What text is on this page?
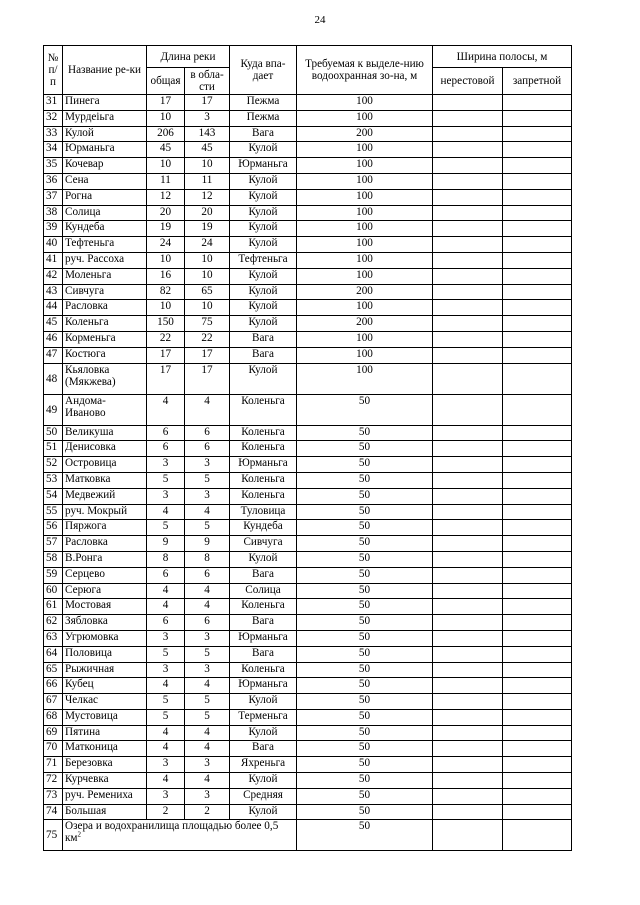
24
№ п/п	Название ре-ки	Длина реки		Куда впа-дает	Требуемая к выделе-нию водоохранная зо-на, м	Ширина полосы, м	
		общая	в обла-сти			нерестовой	запретной
31	Пинега	17	17	Пежма	100		
32	Мурдеiьга	10	3	Пежма	100		
33	Кулой	206	143	Вага	200		
34	Юрманьга	45	45	Кулой	100		
35	Кочевар	10	10	Юрманьга	100		
36	Сена	11	11	Кулой	100		
37	Рогна	12	12	Кулой	100		
38	Солица	20	20	Кулой	100		
39	Кундеба	19	19	Кулой	100		
40	Тефтеньга	24	24	Кулой	100		
41	руч. Рассоха	10	10	Тефтеньга	100		
42	Моленьга	16	10	Кулой	100		
43	Сивчуга	82	65	Кулой	200		
44	Расловка	10	10	Кулой	100		
45	Коленьга	150	75	Кулой	200		
46	Корменьга	22	22	Вага	100		
47	Костюга	17	17	Вага	100		
48	Кьяловка (Мякжева)	17	17	Кулой	100		
49	Андома-Иваново	4	4	Коленьга	50		
50	Великуша	6	6	Коленьга	50		
51	Денисовка	6	6	Коленьга	50		
52	Островица	3	3	Юрманьга	50		
53	Матковка	5	5	Коленьга	50		
54	Медвежий	3	3	Коленьга	50		
55	руч. Мокрый	4	4	Туловица	50		
56	Пяржога	5	5	Кундеба	50		
57	Расловка	9	9	Сивчуга	50		
58	В.Ронга	8	8	Кулой	50		
59	Серцево	6	6	Вага	50		
60	Серюга	4	4	Солица	50		
61	Мостовая	4	4	Коленьга	50		
62	Зябловка	6	6	Вага	50		
63	Угрюмовка	3	3	Юрманьга	50		
64	Половица	5	5	Вага	50		
65	Рыжичная	3	3	Коленьга	50		
66	Кубец	4	4	Юрманьга	50		
67	Челкас	5	5	Кулой	50		
68	Мустовица	5	5	Терменьга	50		
69	Пятина	4	4	Кулой	50		
70	Матконица	4	4	Вага	50		
71	Березовка	3	3	Яхреньга	50		
72	Курчевка	4	4	Кулой	50		
73	руч. Ремениха	3	3	Средняя	50		
74	Большая	2	2	Кулой	50		
75	Озера и водохранилища площадью более 0,5 $км^2$				50		
